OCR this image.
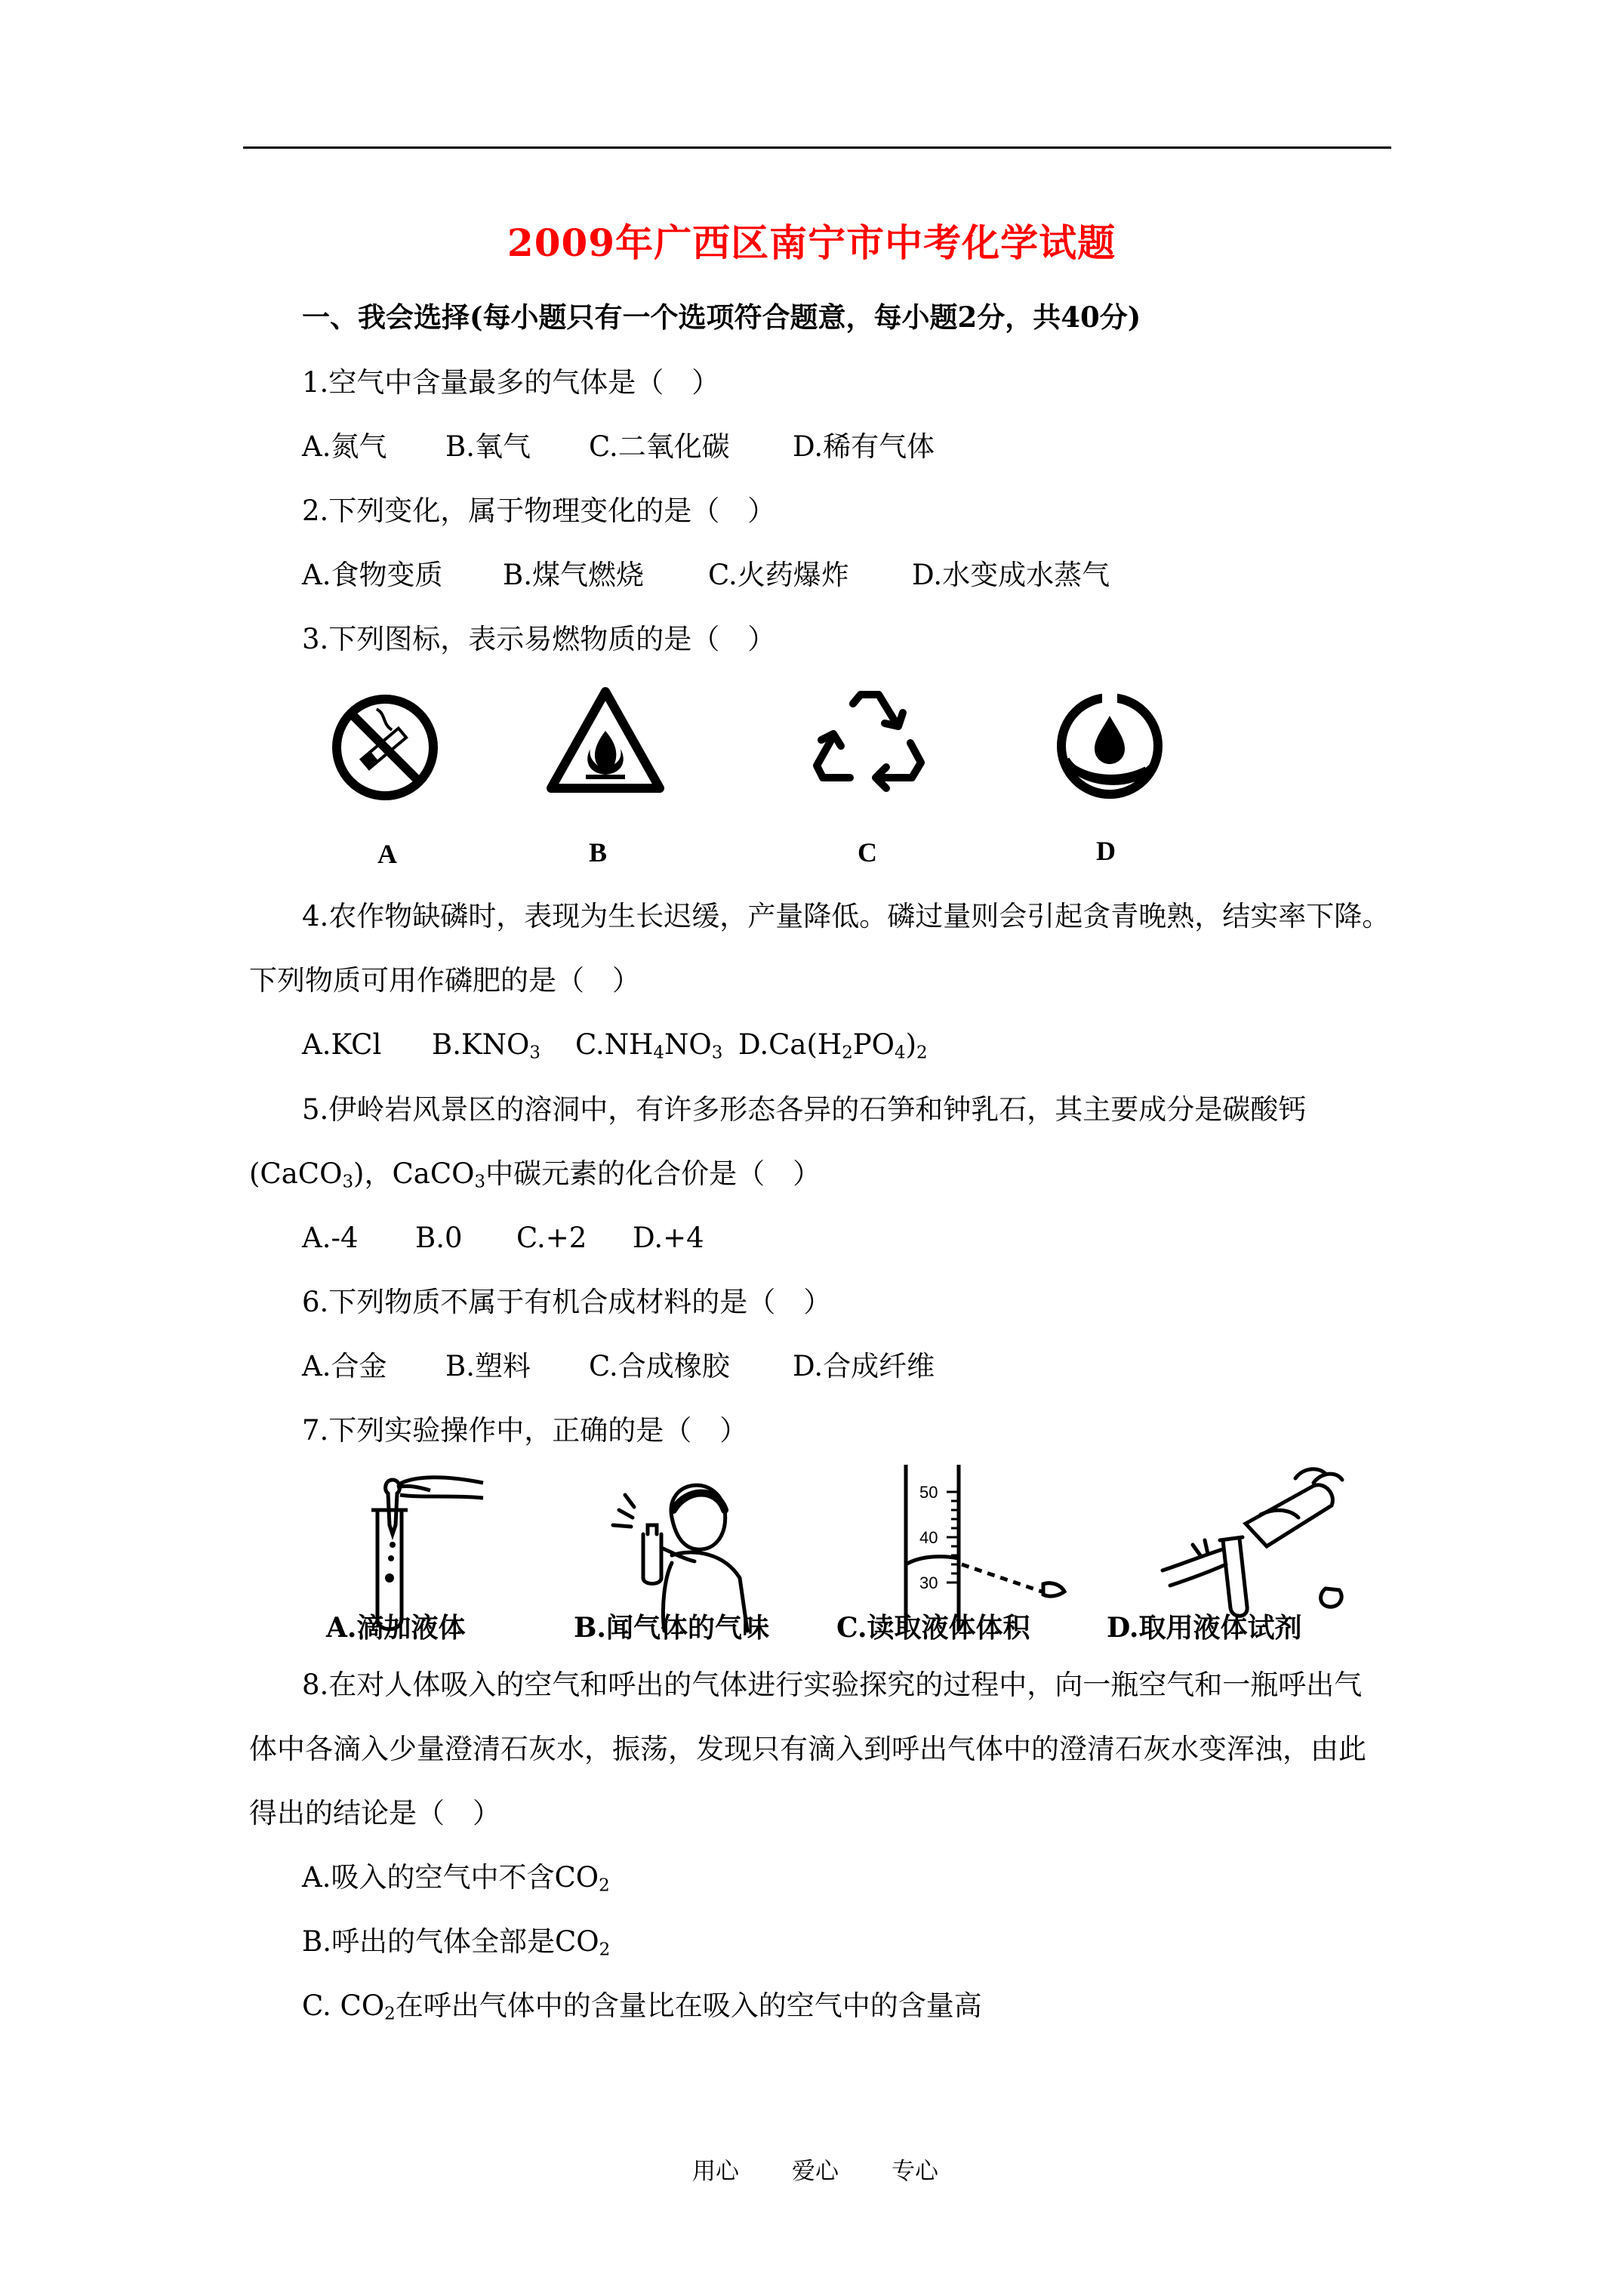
2009年广西区南宁市中考化学试题
一、我会选择(每小题只有一个选项符合题意，每小题2分，共40分)
1.空气中含量最多的气体是（　）
A.氮气 B.氧气 C.二氧化碳 D.稀有气体
2.下列变化，属于物理变化的是（　）
A.食物变质 B.煤气燃烧 C.火药爆炸 D.水变成水蒸气
3.下列图标，表示易燃物质的是（　）
A	B	C	D
4.农作物缺磷时，表现为生长迟缓，产量降低。磷过量则会引起贪青晚熟，结实率下降。
下列物质可用作磷肥的是（　）
A.KCl $B.KNO_3$ $C.NH_4NO_3$ $D.Ca(H_2PO_4)_2$
5.伊岭岩风景区的溶洞中，有许多形态各异的石笋和钟乳石，其主要成分是碳酸钙
(CaCO$_3$)，CaCO$_3$中碳元素的化合价是（　）
A.-4 B.0 C.+2 D.+4
6.下列物质不属于有机合成材料的是（　）
A.合金 B.塑料 C.合成橡胶 D.合成纤维
7.下列实验操作中，正确的是（　）
50
40
30
A.滴加液体	B.闻气体的气味 C.读取液体体积	D.取用液体试剂
8.在对人体吸入的空气和呼出的气体进行实验探究的过程中，向一瓶空气和一瓶呼出气
体中各滴入少量澄清石灰水，振荡，发现只有滴入到呼出气体中的澄清石灰水变浑浊，由此
得出的结论是（　）
A.吸入的空气中不含$CO_2$
B.呼出的气体全部是$CO_2$
C. $CO_2$在呼出气体中的含量比在吸入的空气中的含量高
用心 爱心 专心
